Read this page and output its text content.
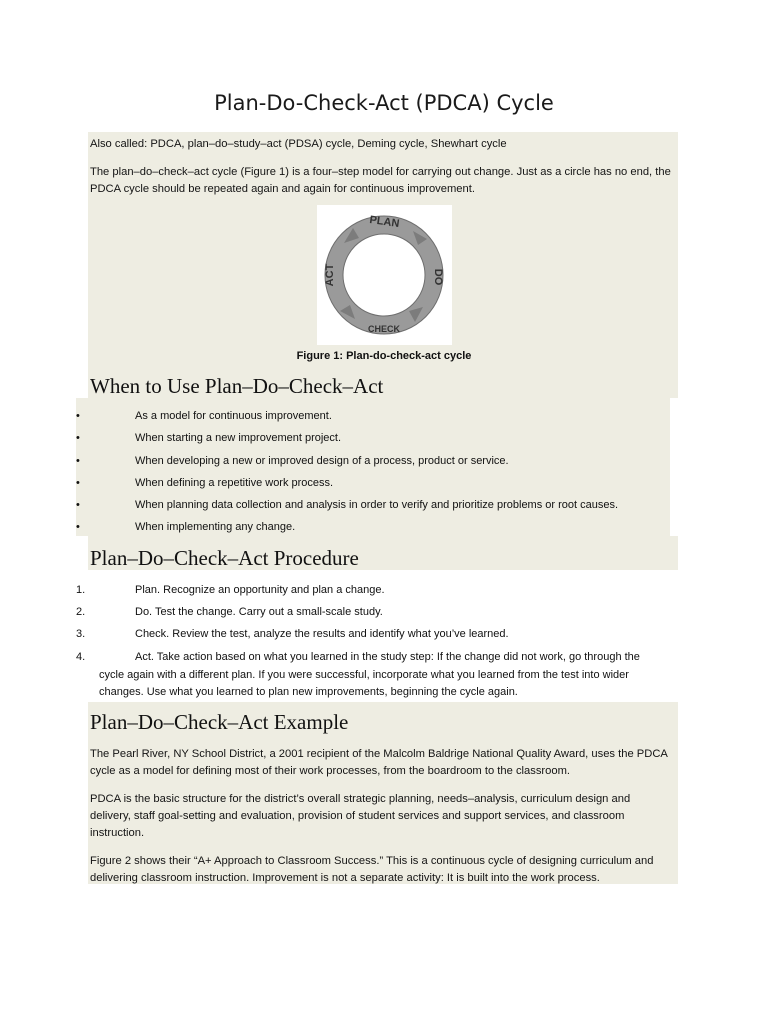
Plan-Do-Check-Act (PDCA) Cycle

Also called: PDCA, plan–do–study–act (PDSA) cycle, Deming cycle, Shewhart cycle

The plan–do–check–act cycle (Figure 1) is a four–step model for carrying out change. Just as a circle has no end, the PDCA cycle should be repeated again and again for continuous improvement.

PLAN
DO
CHECK
ACT
Figure 1: Plan-do-check-act cycle
When to Use Plan–Do–Check–Act
•	As a model for continuous improvement.
•	When starting a new improvement project.
•	When developing a new or improved design of a process, product or service.
•	When defining a repetitive work process.
•	When planning data collection and analysis in order to verify and prioritize problems or root causes.
•	When implementing any change.
Plan–Do–Check–Act Procedure
1.	Plan. Recognize an opportunity and plan a change.
2.	Do. Test the change. Carry out a small-scale study.
3.	Check. Review the test, analyze the results and identify what you’ve learned.
4.	Act. Take action based on what you learned in the study step: If the change did not work, go through the
cycle again with a different plan. If you were successful, incorporate what you learned from the test into wider
changes. Use what you learned to plan new improvements, beginning the cycle again.
Plan–Do–Check–Act Example

The Pearl River, NY School District, a 2001 recipient of the Malcolm Baldrige National Quality Award, uses the PDCA cycle as a model for defining most of their work processes, from the boardroom to the classroom.

PDCA is the basic structure for the district’s overall strategic planning, needs–analysis, curriculum design and delivery, staff goal-setting and evaluation, provision of student services and support services, and classroom instruction.

Figure 2 shows their “A+ Approach to Classroom Success.” This is a continuous cycle of designing curriculum and delivering classroom instruction. Improvement is not a separate activity: It is built into the work process.
